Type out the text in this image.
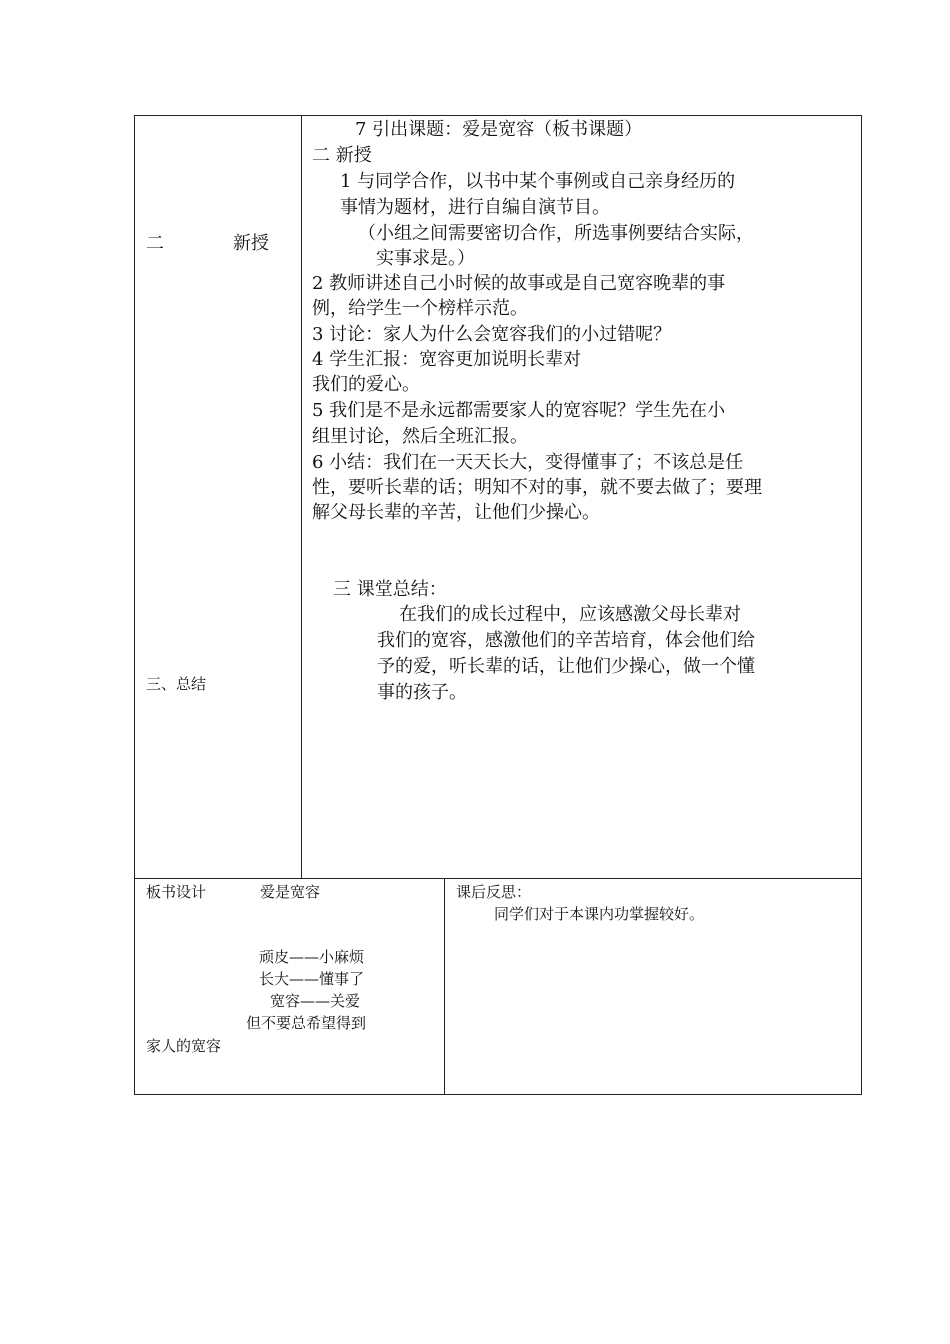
二	新授
三、总结
7 引出课题：爱是宽容（板书课题）
二 新授
1 与同学合作，以书中某个事例或自己亲身经历的
事情为题材，进行自编自演节目。
（小组之间需要密切合作，所选事例要结合实际，
实事求是。）
2 教师讲述自己小时候的故事或是自己宽容晚辈的事
例，给学生一个榜样示范。
3 讨论：家人为什么会宽容我们的小过错呢？
4 学生汇报：宽容更加说明长辈对
我们的爱心。
5 我们是不是永远都需要家人的宽容呢？学生先在小
组里讨论，然后全班汇报。
6 小结：我们在一天天长大，变得懂事了；不该总是任
性，要听长辈的话；明知不对的事，就不要去做了；要理
解父母长辈的辛苦，让他们少操心。
三 课堂总结：
在我们的成长过程中，应该感激父母长辈对
我们的宽容，感激他们的辛苦培育，体会他们给
予的爱，听长辈的话，让他们少操心，做一个懂
事的孩子。
板书设计	爱是宽容
顽皮——小麻烦
长大——懂事了
宽容——关爱
但不要总希望得到
家人的宽容
课后反思：
同学们对于本课内功掌握较好。
